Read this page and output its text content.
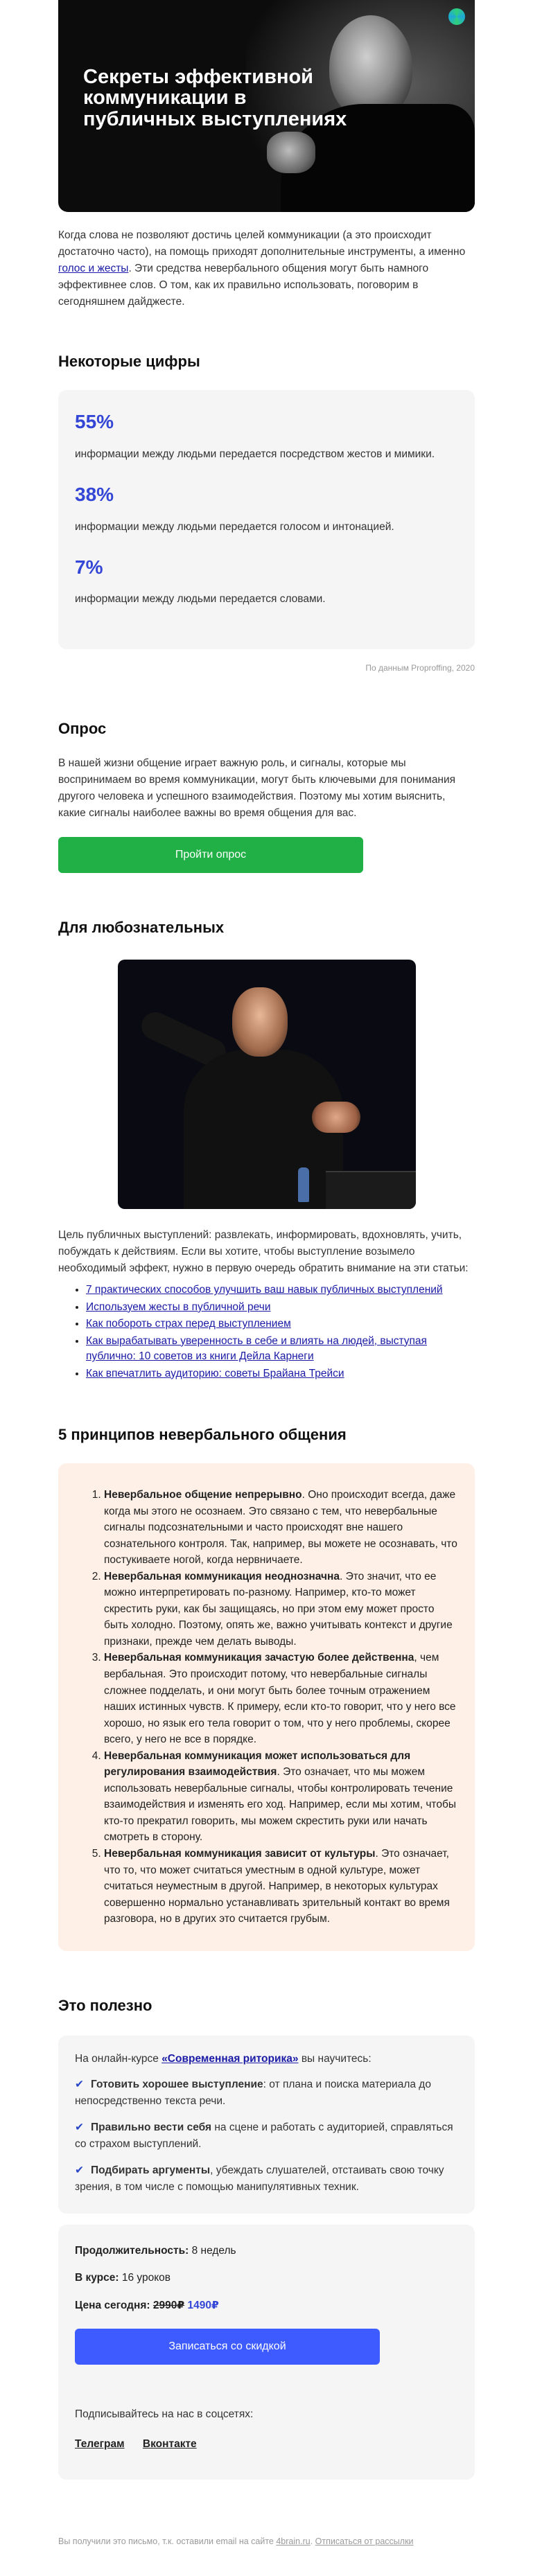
Секреты эффективной коммуникации в публичных выступлениях

Когда слова не позволяют достичь целей коммуникации (а это происходит достаточно часто), на помощь приходят дополнительные инструменты, а именно голос и жесты. Эти средства невербального общения могут быть намного эффективнее слов. О том, как их правильно использовать, поговорим в сегодняшнем дайджесте.

Некоторые цифры
55%
информации между людьми передается посредством жестов и мимики.
38%
информации между людьми передается голосом и интонацией.
7%
информации между людьми передается словами.
По данным Proproffing, 2020
Опрос

В нашей жизни общение играет важную роль, и сигналы, которые мы воспринимаем во время коммуникации, могут быть ключевыми для понимания другого человека и успешного взаимодействия. Поэтому мы хотим выяснить, какие сигналы наиболее важны во время общения для вас.

Пройти опрос
Для любознательных

Цель публичных выступлений: развлекать, информировать, вдохновлять, учить, побуждать к действиям. Если вы хотите, чтобы выступление возымело необходимый эффект, нужно в первую очередь обратить внимание на эти статьи:

• 7 практических способов улучшить ваш навык публичных выступлений
• Используем жесты в публичной речи
• Как побороть страх перед выступлением
• Как вырабатывать уверенность в себе и влиять на людей, выступая публично: 10 советов из книги Дейла Карнеги
• Как впечатлить аудиторию: советы Брайана Трейси
5 принципов невербального общения
1. Невербальное общение непрерывно. Оно происходит всегда, даже когда мы этого не осознаем. Это связано с тем, что невербальные сигналы подсознательными и часто происходят вне нашего сознательного контроля. Так, например, вы можете не осознавать, что постукиваете ногой, когда нервничаете.
2. Невербальная коммуникация неоднозначна. Это значит, что ее можно интерпретировать по-разному. Например, кто-то может скрестить руки, как бы защищаясь, но при этом ему может просто быть холодно. Поэтому, опять же, важно учитывать контекст и другие признаки, прежде чем делать выводы.
3. Невербальная коммуникация зачастую более действенна, чем вербальная. Это происходит потому, что невербальные сигналы сложнее подделать, и они могут быть более точным отражением наших истинных чувств. К примеру, если кто-то говорит, что у него все хорошо, но язык его тела говорит о том, что у него проблемы, скорее всего, у него не все в порядке.
4. Невербальная коммуникация может использоваться для регулирования взаимодействия. Это означает, что мы можем использовать невербальные сигналы, чтобы контролировать течение взаимодействия и изменять его ход. Например, если мы хотим, чтобы кто-то прекратил говорить, мы можем скрестить руки или начать смотреть в сторону.
5. Невербальная коммуникация зависит от культуры. Это означает, что то, что может считаться уместным в одной культуре, может считаться неуместным в другой. Например, в некоторых культурах совершенно нормально устанавливать зрительный контакт во время разговора, но в других это считается грубым.
Это полезно

На онлайн-курсе «Современная риторика» вы научитесь:

✔ Готовить хорошее выступление: от плана и поиска материала до непосредственно текста речи.

✔ Правильно вести себя на сцене и работать с аудиторией, справляться со страхом выступлений.

✔ Подбирать аргументы, убеждать слушателей, отстаивать свою точку зрения, в том числе с помощью манипулятивных техник.

Продолжительность: 8 недель

В курсе: 16 уроков

Цена сегодня: 2990₽ 1490₽

Записаться со скидкой

Подписывайтесь на нас в соцсетях:

Телеграм Вконтакте
Вы получили это письмо, т.к. оставили email на сайте 4brain.ru. Отписаться от рассылки
